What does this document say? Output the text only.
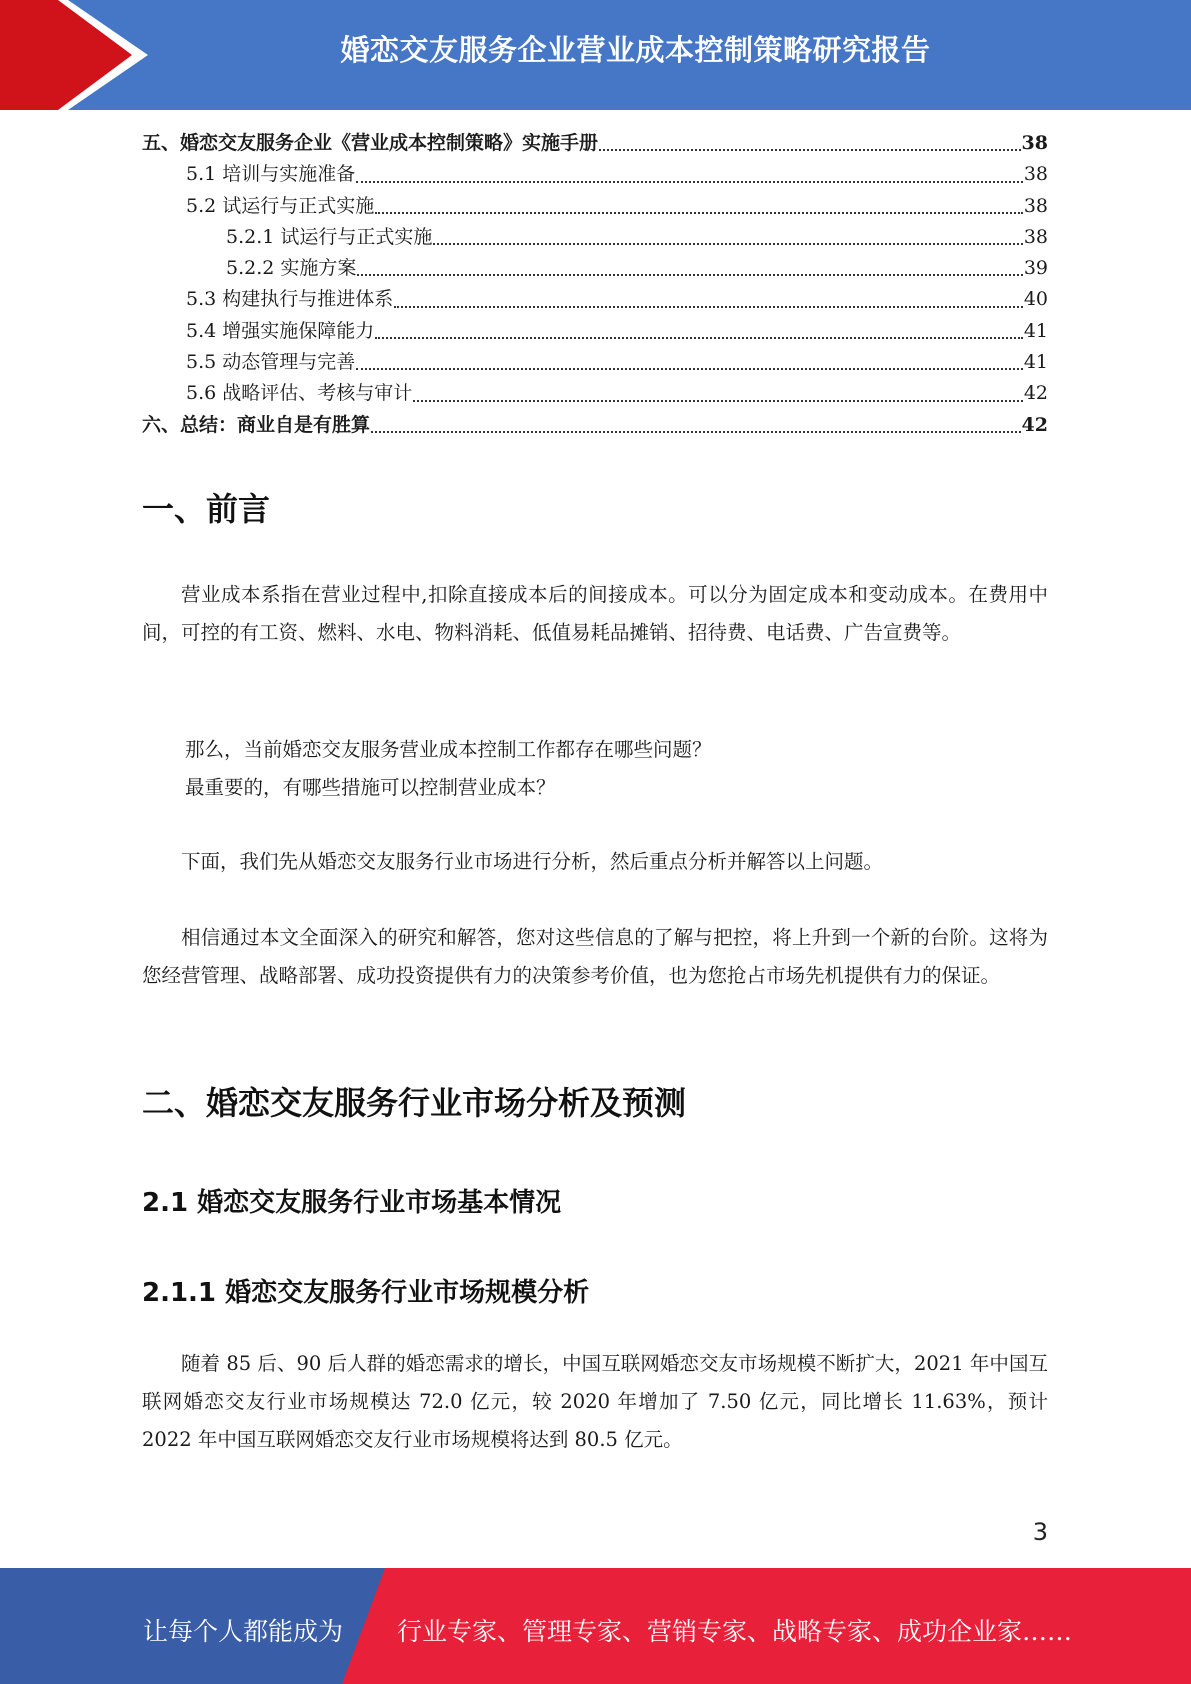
婚恋交友服务企业营业成本控制策略研究报告
五、婚恋交友服务企业《营业成本控制策略》实施手册	38
5.1 培训与实施准备	38
5.2 试运行与正式实施	38
5.2.1 试运行与正式实施	38
5.2.2 实施方案	39
5.3 构建执行与推进体系	40
5.4 增强实施保障能力	41
5.5 动态管理与完善	41
5.6 战略评估、考核与审计	42
六、总结：商业自是有胜算	42
一、前言

营业成本系指在营业过程中,扣除直接成本后的间接成本。可以分为固定成本和变动成本。在费用中间，可控的有工资、燃料、水电、物料消耗、低值易耗品摊销、招待费、电话费、广告宣费等。

那么，当前婚恋交友服务营业成本控制工作都存在哪些问题？

最重要的，有哪些措施可以控制营业成本？

下面，我们先从婚恋交友服务行业市场进行分析，然后重点分析并解答以上问题。

相信通过本文全面深入的研究和解答，您对这些信息的了解与把控，将上升到一个新的台阶。这将为您经营管理、战略部署、成功投资提供有力的决策参考价值，也为您抢占市场先机提供有力的保证。

二、婚恋交友服务行业市场分析及预测
2.1 婚恋交友服务行业市场基本情况
2.1.1 婚恋交友服务行业市场规模分析

随着 85 后、90 后人群的婚恋需求的增长，中国互联网婚恋交友市场规模不断扩大，2021 年中国互联网婚恋交友行业市场规模达 72.0 亿元，较 2020 年增加了 7.50 亿元，同比增长 11.63%，预计 2022 年中国互联网婚恋交友行业市场规模将达到 80.5 亿元。

3
让每个人都能成为 行业专家、管理专家、营销专家、战略专家、成功企业家……
